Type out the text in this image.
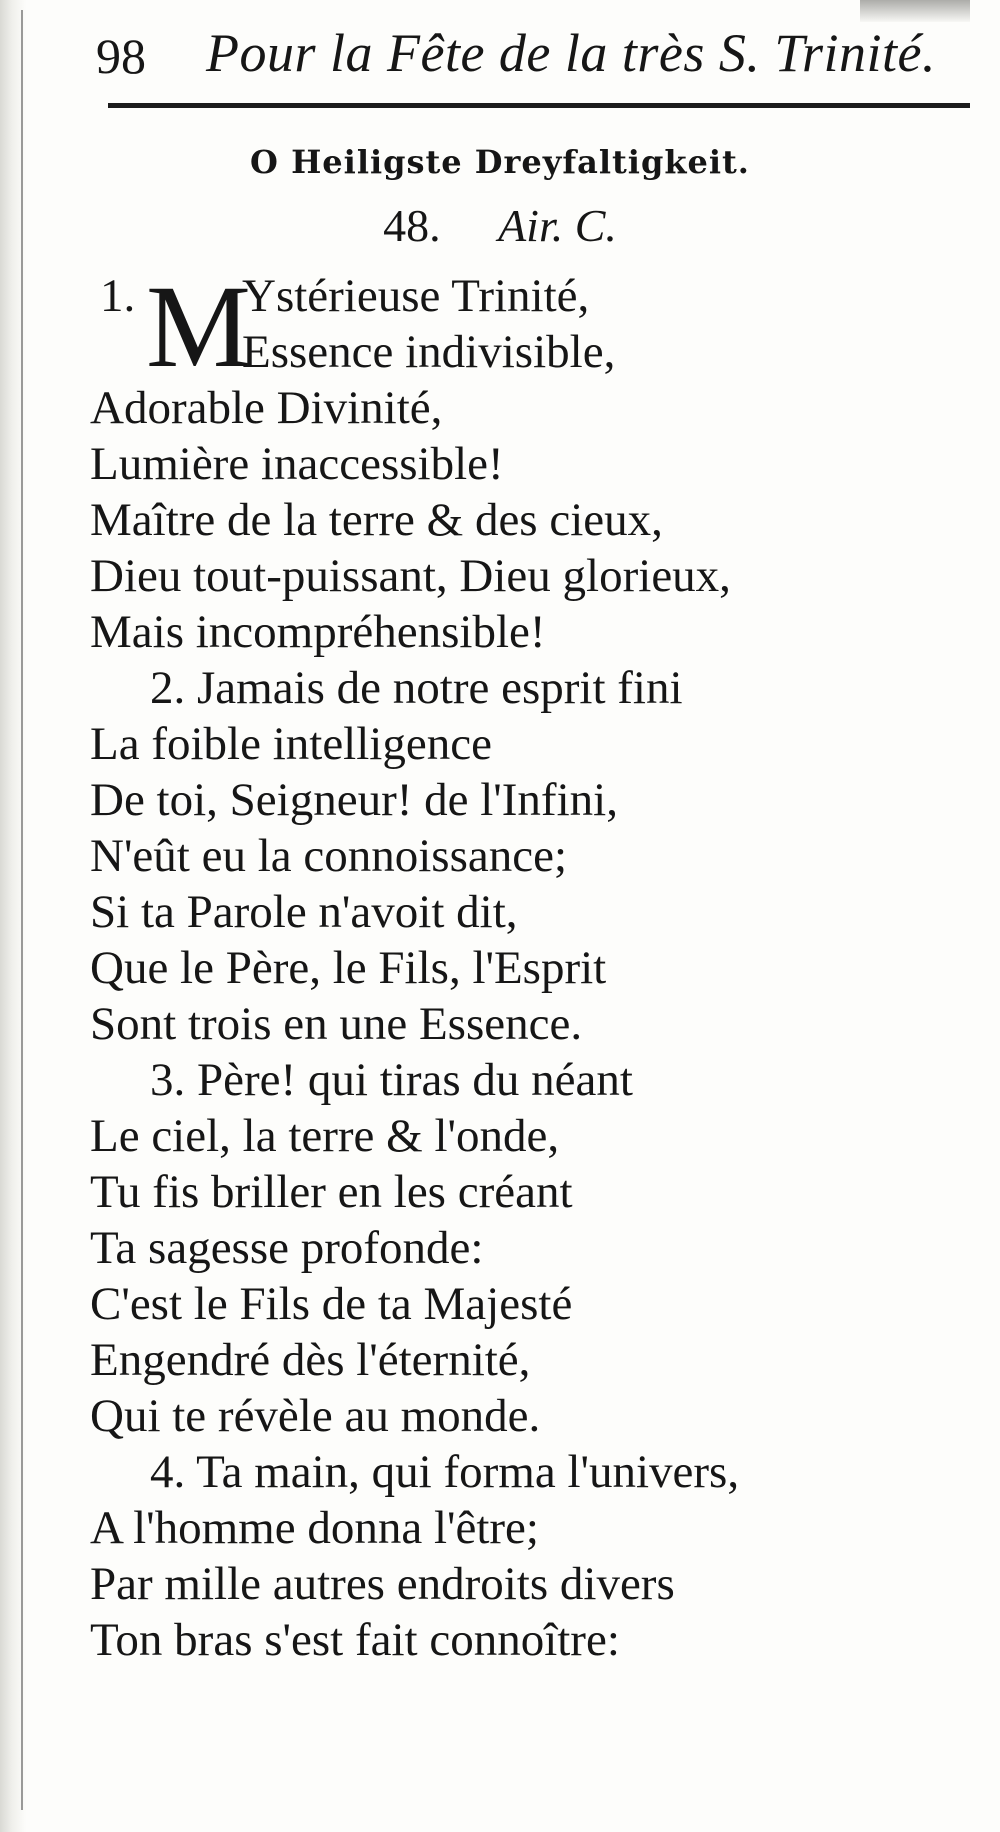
98 Pour la Fête de la très S. Trinité.
O Heiligste Dreyfaltigkeit.
48. Air. C.
1. M
Ystérieuse Trinité,
Essence indivisible,
Adorable Divinité,
Lumière inaccessible!
Maître de la terre & des cieux,
Dieu tout-puissant, Dieu glorieux,
Mais incompréhensible!
2. Jamais de notre esprit fini
La foible intelligence
De toi, Seigneur! de l'Infini,
N'eût eu la connoissance;
Si ta Parole n'avoit dit,
Que le Père, le Fils, l'Esprit
Sont trois en une Essence.
3. Père! qui tiras du néant
Le ciel, la terre & l'onde,
Tu fis briller en les créant
Ta sagesse profonde:
C'est le Fils de ta Majesté
Engendré dès l'éternité,
Qui te révèle au monde.
4. Ta main, qui forma l'univers,
A l'homme donna l'être;
Par mille autres endroits divers
Ton bras s'est fait connoître:
